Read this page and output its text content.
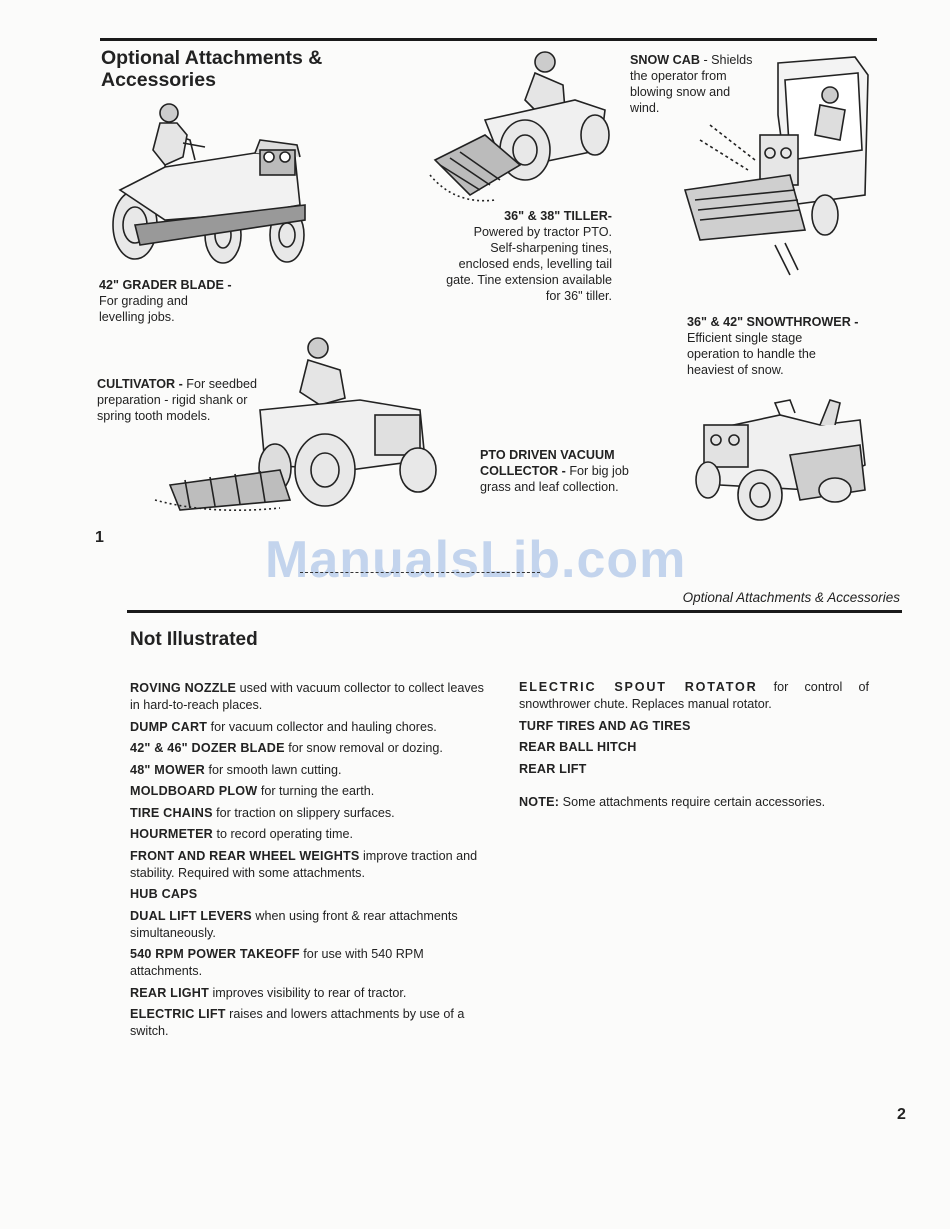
Optional Attachments & Accessories
42" GRADER BLADE -
For grading and
levelling jobs.
36" & 38" TILLER-
Powered by tractor PTO.
Self-sharpening tines,
enclosed ends, levelling tail
gate. Tine extension available
for 36" tiller.
SNOW CAB - Shields
the operator from
blowing snow and
wind.
36" & 42" SNOWTHROWER -
Efficient single stage
operation to handle the
heaviest of snow.
CULTIVATOR - For seedbed
preparation - rigid shank or
spring tooth models.
PTO DRIVEN VACUUM
COLLECTOR - For big job
grass and leaf collection.
1	ManualsLib.com
Optional Attachments & Accessories
Not Illustrated
ROVING NOZZLE used with vacuum collector to collect leaves in hard-to-reach places.
DUMP CART for vacuum collector and hauling chores.
42" & 46" DOZER BLADE for snow removal or dozing.
48" MOWER for smooth lawn cutting.
MOLDBOARD PLOW for turning the earth.
TIRE CHAINS for traction on slippery surfaces.
HOURMETER to record operating time.
FRONT AND REAR WHEEL WEIGHTS improve traction and stability. Required with some attachments.
HUB CAPS
DUAL LIFT LEVERS when using front & rear attachments simultaneously.
540 RPM POWER TAKEOFF for use with 540 RPM attachments.
REAR LIGHT improves visibility to rear of tractor.
ELECTRIC LIFT raises and lowers attachments by use of a switch.
ELECTRIC SPOUT ROTATOR for control of snowthrower chute. Replaces manual rotator.
TURF TIRES AND AG TIRES
REAR BALL HITCH
REAR LIFT
NOTE: Some attachments require certain accessories.
2
